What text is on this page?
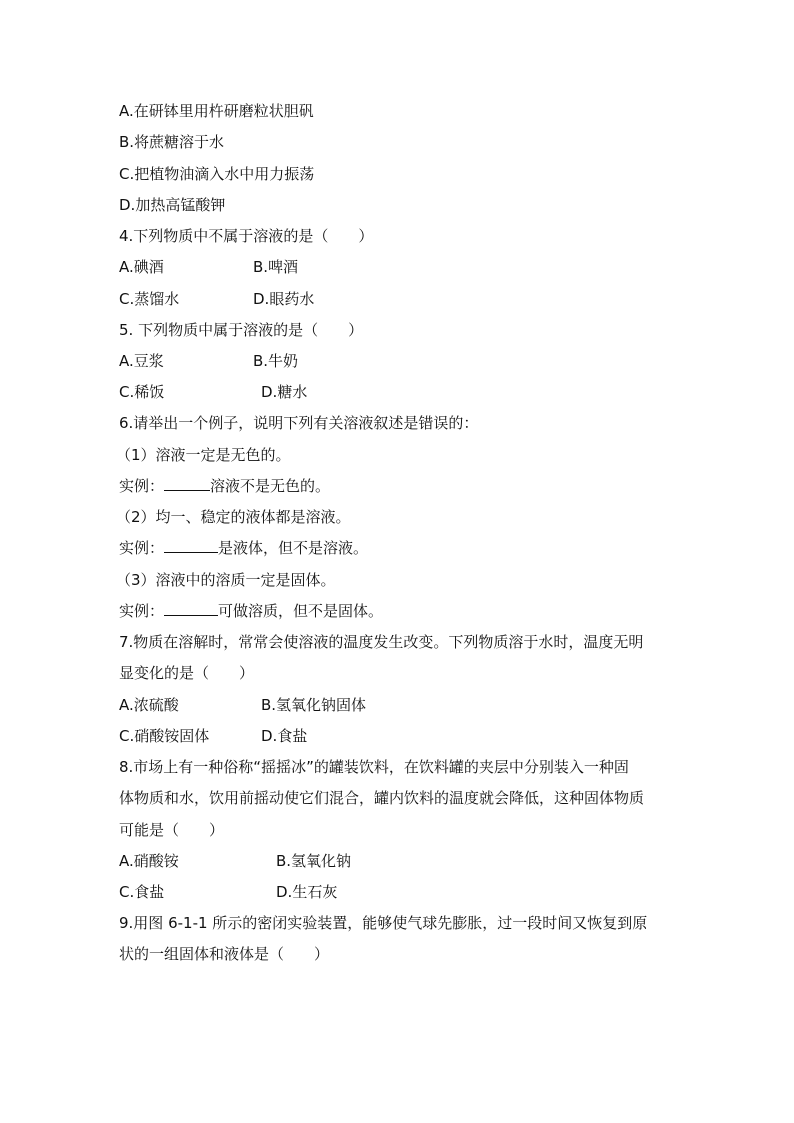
A.在研钵里用杵研磨粒状胆矾
B.将蔗糖溶于水
C.把植物油滴入水中用力振荡
D.加热高锰酸钾
4.下列物质中不属于溶液的是（　　）
A.碘酒	B.啤酒
C.蒸馏水	D.眼药水
5. 下列物质中属于溶液的是（　　）
A.豆浆	B.牛奶
C.稀饭	D.糖水
6.请举出一个例子，说明下列有关溶液叙述是错误的：
（1）溶液一定是无色的。
实例：	溶液不是无色的。
（2）均一、稳定的液体都是溶液。
实例：	是液体，但不是溶液。
（3）溶液中的溶质一定是固体。
实例：	可做溶质，但不是固体。
7.物质在溶解时，常常会使溶液的温度发生改变。下列物质溶于水时，温度无明
显变化的是（　　）
A.浓硫酸	B.氢氧化钠固体
C.硝酸铵固体	D.食盐
8.市场上有一种俗称“摇摇冰”的罐装饮料，在饮料罐的夹层中分别装入一种固
体物质和水，饮用前摇动使它们混合，罐内饮料的温度就会降低，这种固体物质
可能是（　　）
A.硝酸铵	B.氢氧化钠
C.食盐	D.生石灰
9.用图 6-1-1 所示的密闭实验装置，能够使气球先膨胀，过一段时间又恢复到原
状的一组固体和液体是（　　）
